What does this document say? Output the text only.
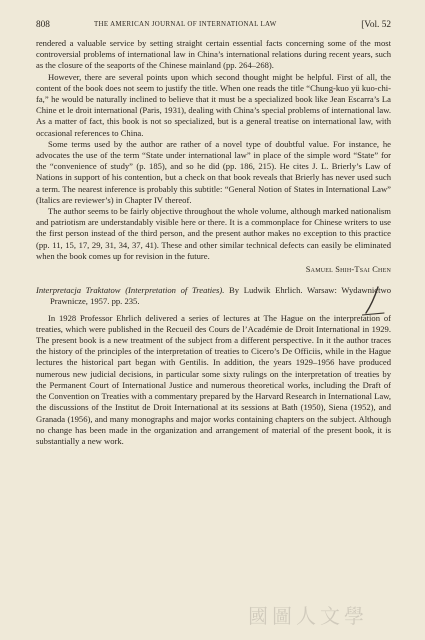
808	THE AMERICAN JOURNAL OF INTERNATIONAL LAW	[Vol. 52

rendered a valuable service by setting straight certain essential facts concerning some of the most controversial problems of international law in China’s international relations during recent years, such as the closure of the seaports of the Chinese mainland (pp. 264–268).

However, there are several points upon which second thought might be helpful. First of all, the content of the book does not seem to justify the title. When one reads the title “Chung-kuo yü kuo-chi-fa,” he would be naturally inclined to believe that it must be a specialized book like Jean Escarra’s La Chine et le droit international (Paris, 1931), dealing with China’s special problems of international law. As a matter of fact, this book is not so specialized, but is a general treatise on international law, with occasional references to China.

Some terms used by the author are rather of a novel type of doubtful value. For instance, he advocates the use of the term “State under international law” in place of the simple word “State” for the “convenience of study” (p. 185), and so he did (pp. 186, 215). He cites J. L. Brierly’s Law of Nations in support of his contention, but a check on that book reveals that Brierly has never used such a term. The nearest inference is probably this subtitle: “General Notion of States in International Law” (Italics are reviewer’s) in Chapter IV thereof.

The author seems to be fairly objective throughout the whole volume, although marked nationalism and patriotism are understandably visible here or there. It is a commonplace for Chinese writers to use the first person instead of the third person, and the present author makes no exception to this practice (pp. 11, 15, 17, 29, 31, 34, 37, 41). These and other similar technical defects can easily be eliminated when the book comes up for revision in the future.

Samuel Shih-Tsai Chen

Interpretacja Traktatow (Interpretation of Treaties). By Ludwik Ehrlich. Warsaw: Wydawnictwo Prawnicze, 1957. pp. 235.

In 1928 Professor Ehrlich delivered a series of lectures at The Hague on the interpretation of treaties, which were published in the Recueil des Cours de l’Académie de Droit International in 1929. The present book is a new treatment of the subject from a different perspective. In it the author traces the history of the principles of the interpretation of treaties to Cicero’s De Officiis, while in the Hague lectures the historical part began with Gentilis. In addition, the years 1929–1956 have produced numerous new judicial decisions, in particular some sixty rulings on the interpretation of treaties by the Permanent Court of International Justice and numerous theoretical works, including the Draft of the Convention on Treaties with a commentary prepared by the Harvard Research in International Law, the discussions of the Institut de Droit International at its sessions at Bath (1950), Siena (1952), and Granada (1956), and many monographs and major works containing chapters on the subject. Although no change has been made in the organization and arrangement of material of the present book, it is substantially a new work.

國圖人文學
